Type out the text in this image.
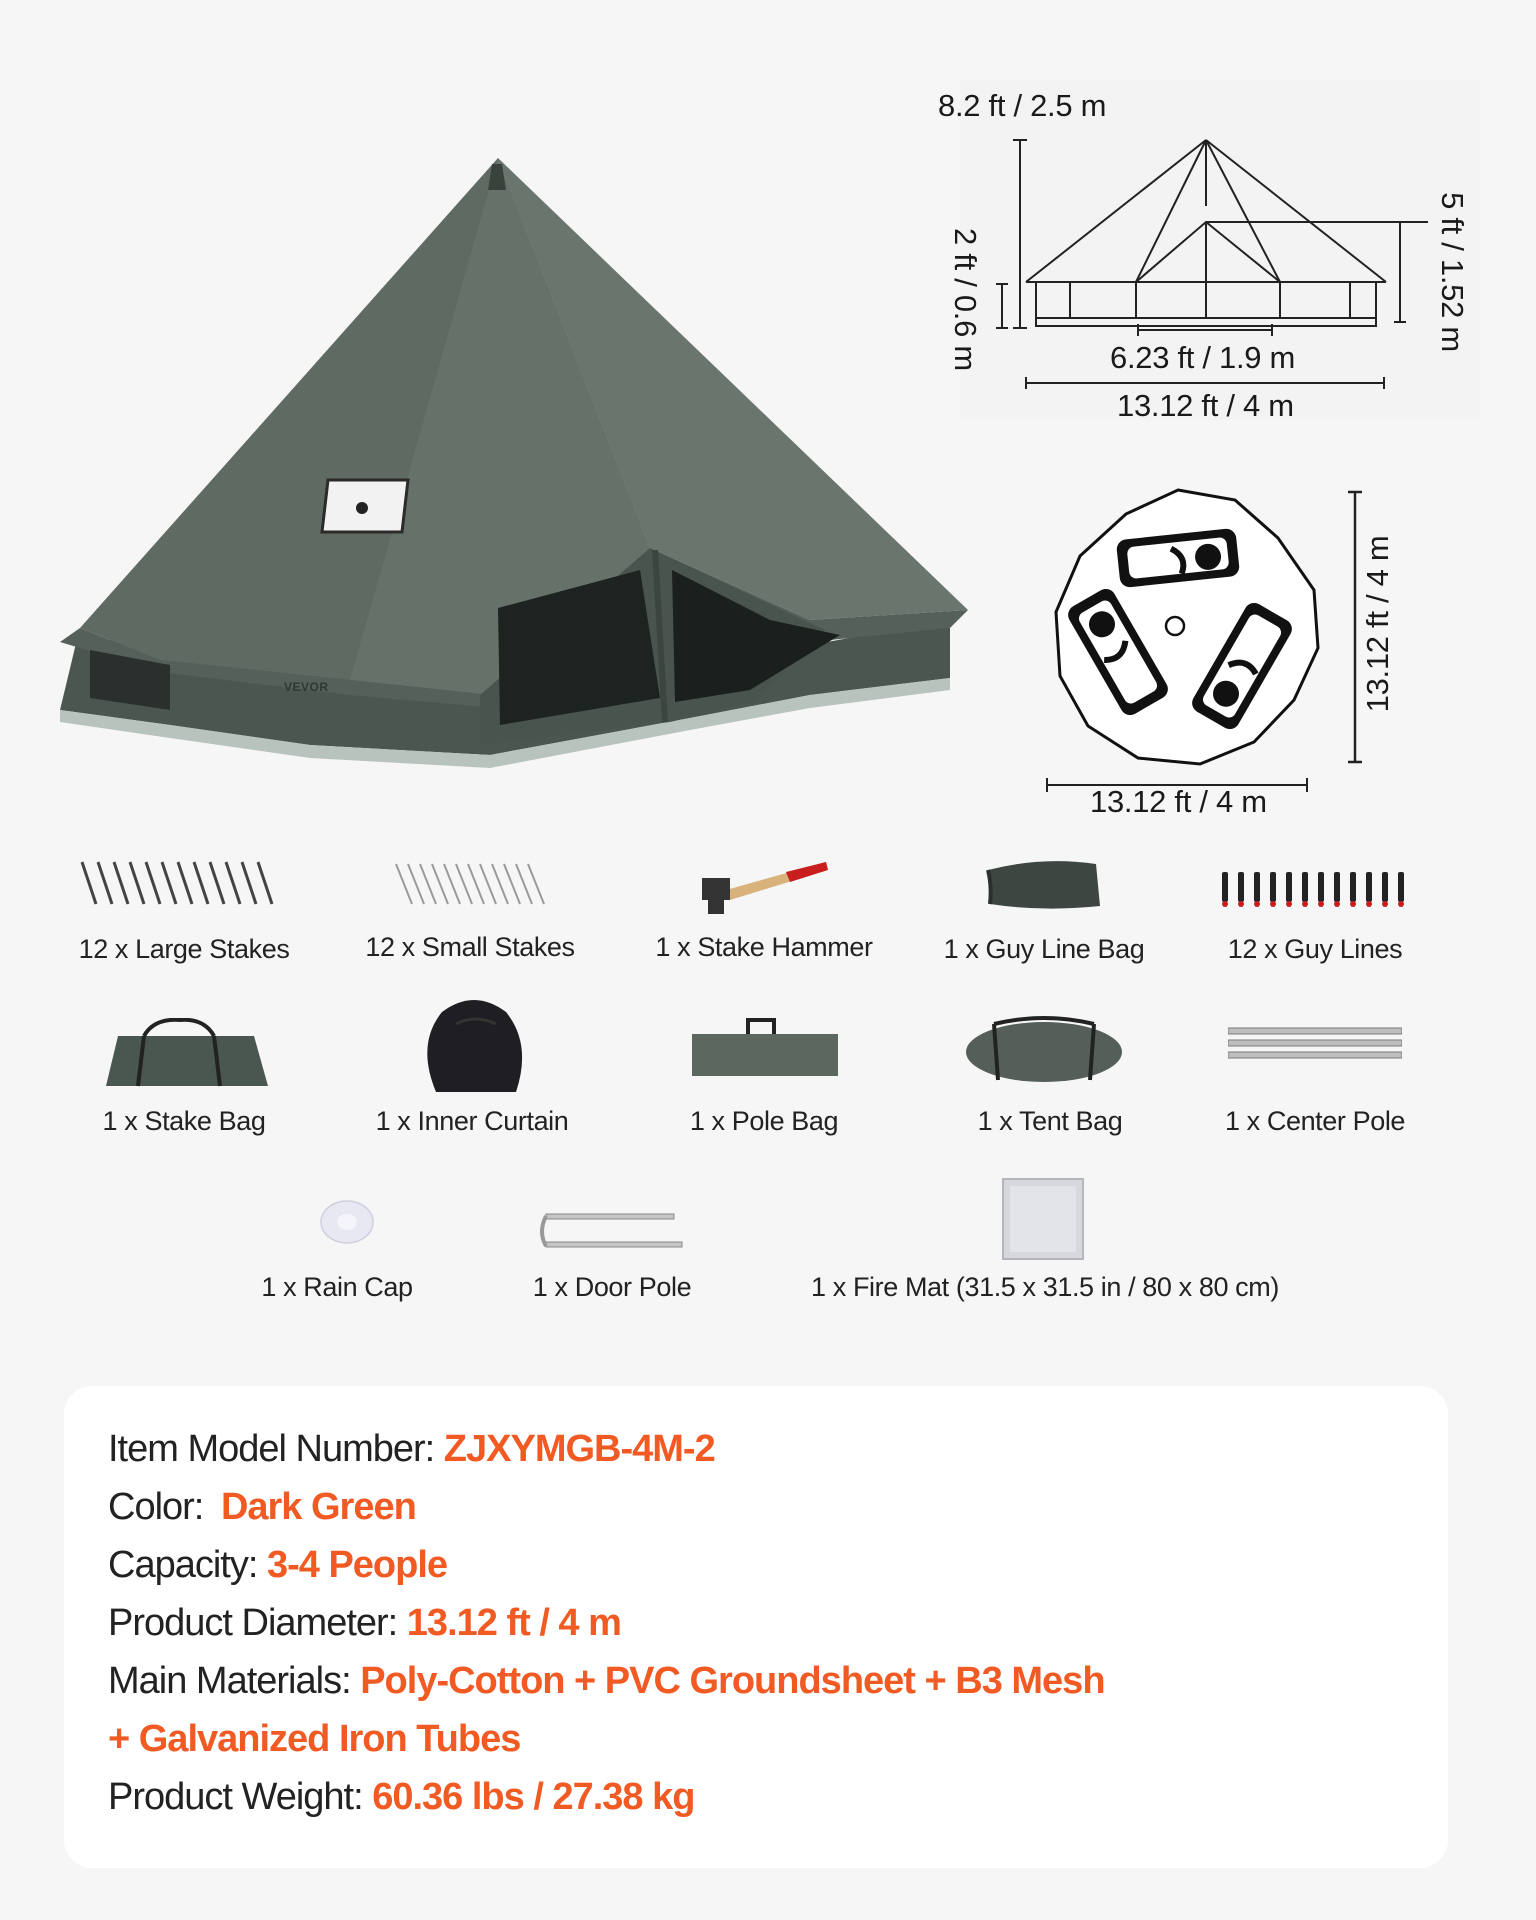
VEVOR
8.2 ft / 2.5 m
2 ft / 0.6 m	5 ft / 1.52 m
6.23 ft / 1.9 m
13.12 ft / 4 m
13.12 ft / 4 m
13.12 ft / 4 m
12 x Large Stakes	12 x Small Stakes	1 x Stake Hammer	1 x Guy Line Bag	12 x Guy Lines
1 x Stake Bag	1 x Inner Curtain	1 x Pole Bag	1 x Tent Bag	1 x Center Pole
1 x Rain Cap	1 x Door Pole	1 x Fire Mat (31.5 x 31.5 in / 80 x 80 cm)
Item Model Number: ZJXYMGB-4M-2
Color: Dark Green
Capacity: 3-4 People
Product Diameter: 13.12 ft / 4 m
Main Materials: Poly-Cotton + PVC Groundsheet + B3 Mesh
+ Galvanized Iron Tubes
Product Weight: 60.36 lbs / 27.38 kg
